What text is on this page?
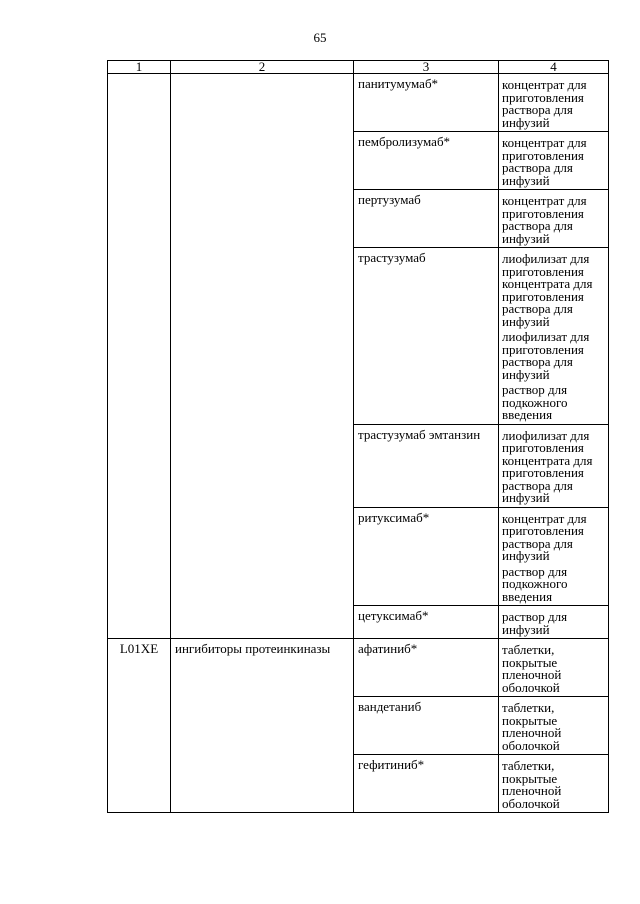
65
1	2	3	4
		панитумумаб*	концентрат для приготовления раствора для инфузий

		пембролизумаб*	концентрат для приготовления раствора для инфузий

		пертузумаб	концентрат для приготовления раствора для инфузий

		трастузумаб	лиофилизат для приготовления концентрата для приготовления раствора для инфузий
лиофилизат для приготовления раствора для инфузий
раствор для подкожного введения

		трастузумаб эмтанзин	лиофилизат для приготовления концентрата для приготовления раствора для инфузий

		ритуксимаб*	концентрат для приготовления раствора для инфузий
раствор для подкожного введения

		цетуксимаб*	раствор для инфузий

L01XE	ингибиторы протеинкиназы	афатиниб*	таблетки, покрытые пленочной оболочкой

		вандетаниб	таблетки, покрытые пленочной оболочкой

		гефитиниб*	таблетки, покрытые пленочной оболочкой
